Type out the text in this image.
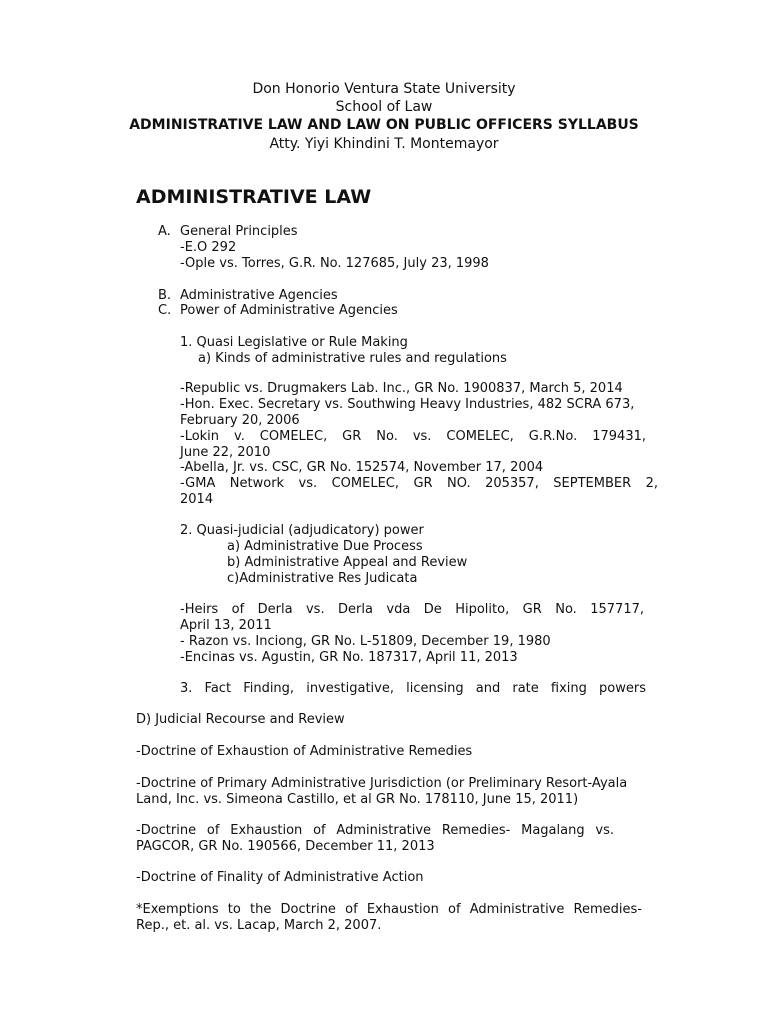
Don Honorio Ventura State University
School of Law
ADMINISTRATIVE LAW AND LAW ON PUBLIC OFFICERS SYLLABUS
Atty. Yiyi Khindini T. Montemayor
ADMINISTRATIVE LAW
A. General Principles
-E.O 292
-Ople vs. Torres, G.R. No. 127685, July 23, 1998
B. Administrative Agencies
C. Power of Administrative Agencies
1. Quasi Legislative or Rule Making
a) Kinds of administrative rules and regulations
-Republic vs. Drugmakers Lab. Inc., GR No. 1900837, March 5, 2014
-Hon. Exec. Secretary vs. Southwing Heavy Industries, 482 SCRA 673,
February 20, 2006
-Lokin v. COMELEC, GR No. vs. COMELEC, G.R.No. 179431,
June 22, 2010
-Abella, Jr. vs. CSC, GR No. 152574, November 17, 2004
-GMA Network vs. COMELEC, GR NO. 205357, SEPTEMBER 2,
2014
2. Quasi-judicial (adjudicatory) power
a) Administrative Due Process
b) Administrative Appeal and Review
c)Administrative Res Judicata
-Heirs of Derla vs. Derla vda De Hipolito, GR No. 157717,
April 13, 2011
- Razon vs. Inciong, GR No. L-51809, December 19, 1980
-Encinas vs. Agustin, GR No. 187317, April 11, 2013
3. Fact Finding, investigative, licensing and rate fixing powers
D) Judicial Recourse and Review
-Doctrine of Exhaustion of Administrative Remedies
-Doctrine of Primary Administrative Jurisdiction (or Preliminary Resort-Ayala
Land, Inc. vs. Simeona Castillo, et al GR No. 178110, June 15, 2011)
-Doctrine of Exhaustion of Administrative Remedies- Magalang vs.
PAGCOR, GR No. 190566, December 11, 2013
-Doctrine of Finality of Administrative Action
*Exemptions to the Doctrine of Exhaustion of Administrative Remedies-
Rep., et. al. vs. Lacap, March 2, 2007.
